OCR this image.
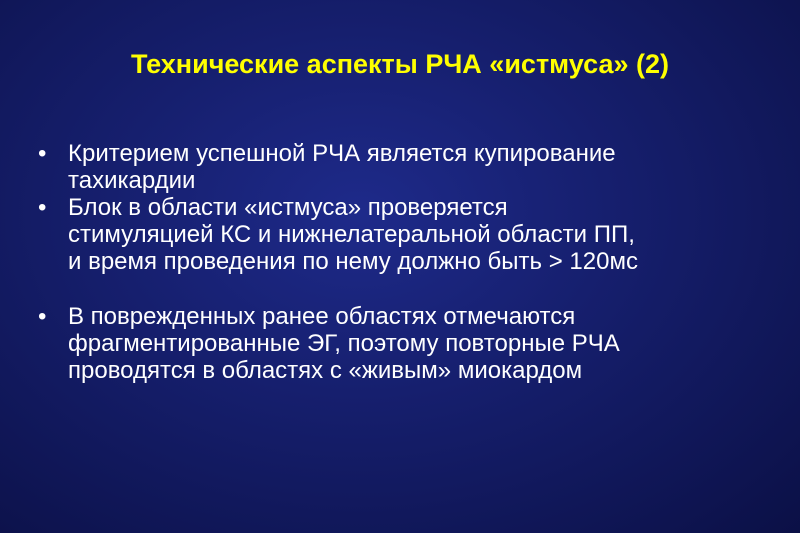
Технические аспекты РЧА «истмуса» (2)
• Критерием успешной РЧА является купирование
тахикардии
• Блок в области «истмуса» проверяется
стимуляцией КС и нижнелатеральной области ПП,
и время проведения по нему должно быть > 120мс
• В поврежденных ранее областях отмечаются
фрагментированные ЭГ, поэтому повторные РЧА
проводятся в областях с «живым» миокардом
